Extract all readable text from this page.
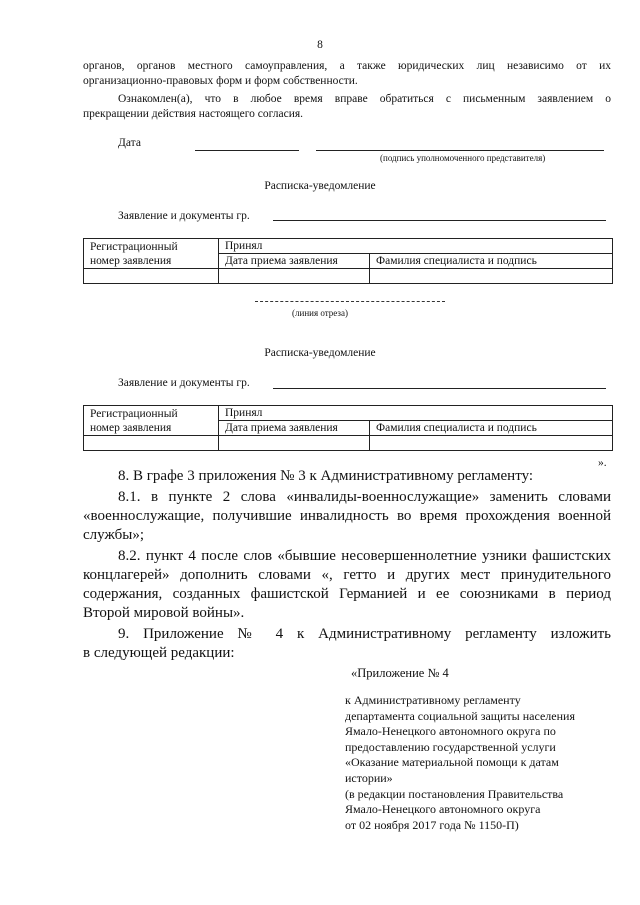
8
органов, органов местного самоуправления, а также юридических лиц независимо от их
организационно-правовых форм и форм собственности.
Ознакомлен(а), что в любое время вправе обратиться с письменным заявлением о
прекращении действия настоящего согласия.
Дата
(подпись уполномоченного представителя)
Расписка-уведомление
Заявление и документы гр.
Регистрационный	Принял	
номер заявления	Дата приема заявления	Фамилия специалиста и подпись

(линия отреза)
Расписка-уведомление
Заявление и документы гр.
Регистрационный	Принял	
номер заявления	Дата приема заявления	Фамилия специалиста и подпись

».
8. В графе 3 приложения № 3 к Административному регламенту:
8.1. в пункте 2 слова «инвалиды-военнослужащие» заменить словами
«военнослужащие, получившие инвалидность во время прохождения военной
службы»;
8.2. пункт 4 после слов «бывшие несовершеннолетние узники фашистских
концлагерей» дополнить словами «, гетто и других мест принудительного
содержания, созданных фашистской Германией и ее союзниками в период
Второй мировой войны».
9. Приложение № 4 к Административному регламенту изложить
в следующей редакции:
«Приложение № 4
к Административному регламенту
департамента социальной защиты населения
Ямало-Ненецкого автономного округа по
предоставлению государственной услуги
«Оказание материальной помощи к датам
истории»
(в редакции постановления Правительства
Ямало-Ненецкого автономного округа
от 02 ноября 2017 года № 1150-П)
